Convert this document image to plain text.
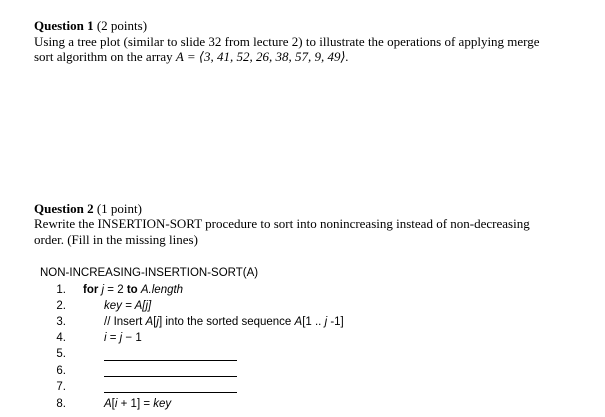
Question 1 (2 points)
Using a tree plot (similar to slide 32 from lecture 2) to illustrate the operations of applying merge
sort algorithm on the array A = ⟨3, 41, 52, 26, 38, 57, 9, 49⟩.
Question 2 (1 point)
Rewrite the INSERTION-SORT procedure to sort into nonincreasing instead of non-decreasing
order. (Fill in the missing lines)
NON-INCREASING-INSERTION-SORT(A)
1. for j = 2 to A.length
2.	key = A[j]
3.	// Insert A[j] into the sorted sequence A[1 .. j -1]
4.	i = j − 1
5.
6.
7.
8.	A[i + 1] = key
